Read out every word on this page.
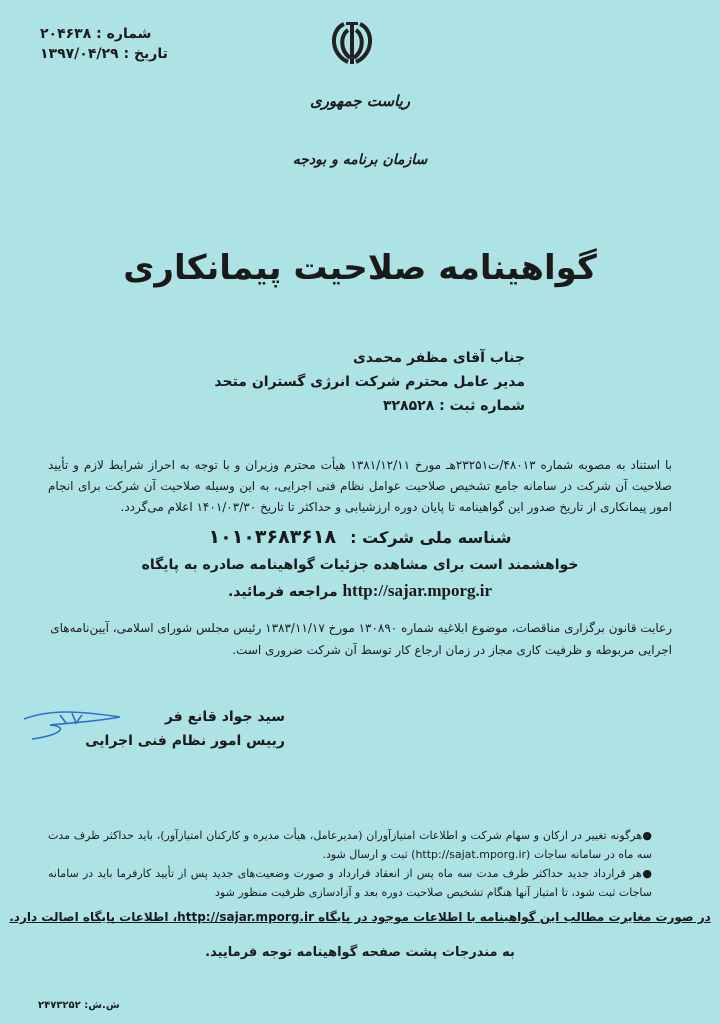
شماره : ۲۰۴۶۳۸
تاریخ : ۱۳۹۷/۰۴/۲۹
ریاست جمهوری
سازمان برنامه و بودجه
گواهینامه صلاحیت پیمانکاری
جناب آقای مظفر محمدی
مدیر عامل محترم شرکت انرژی گستران متحد
شماره ثبت : ۳۲۸۵۲۸
با استناد به مصوبه شماره ۴۸۰۱۳/ت۲۳۲۵۱هـ مورخ ۱۳۸۱/۱۲/۱۱ هیأت محترم وزیران و با توجه به احراز شرایط لازم و تأیید صلاحیت آن شرکت در سامانه جامع تشخیص صلاحیت عوامل نظام فنی اجرایی، به این وسیله صلاحیت آن شرکت برای انجام امور پیمانکاری از تاریخ صدور این گواهینامه تا پایان دوره ارزشیابی و حداکثر تا تاریخ ۱۴۰۱/۰۳/۳۰ اعلام می‌گردد.
شناسه ملی شرکت :۱۰۱۰۳۶۸۳۶۱۸
خواهشمند است برای مشاهده جزئیات گواهینامه صادره به پایگاه
http://sajar.mporg.ir مراجعه فرمائید.
رعایت قانون برگزاری مناقصات، موضوع ابلاغیه شماره ۱۳۰۸۹۰ مورخ ۱۳۸۳/۱۱/۱۷ رئیس مجلس شورای اسلامی، آیین‌نامه‌های اجرایی مربوطه و ظرفیت کاری مجاز در زمان ارجاع کار توسط آن شرکت ضروری است.
سید جواد قانع فر
رییس امور نظام فنی اجرایی

●هرگونه تغییر در ارکان و سهام شرکت و اطلاعات امتیازآوران (مدیرعامل، هیأت مدیره و کارکنان امتیازآور)، باید حداکثر ظرف مدت سه ماه در سامانه ساجات (http://sajat.mporg.ir) ثبت و ارسال شود.

●هر قرارداد جدید حداکثر ظرف مدت سه ماه پس از انعقاد قرارداد و صورت وضعیت‌های جدید پس از تأیید کارفرما باید در سامانه ساجات ثبت شود، تا امتیاز آنها هنگام تشخیص صلاحیت دوره بعد و آزادسازی ظرفیت منظور شود

در صورت مغایرت مطالب این گواهینامه با اطلاعات موجود در پایگاه http://sajar.mporg.ir، اطلاعات پایگاه اصالت دارد.
به مندرجات پشت صفحه گواهینامه توجه فرمایید.
ش.ش: ۲۴۷۳۲۵۲
